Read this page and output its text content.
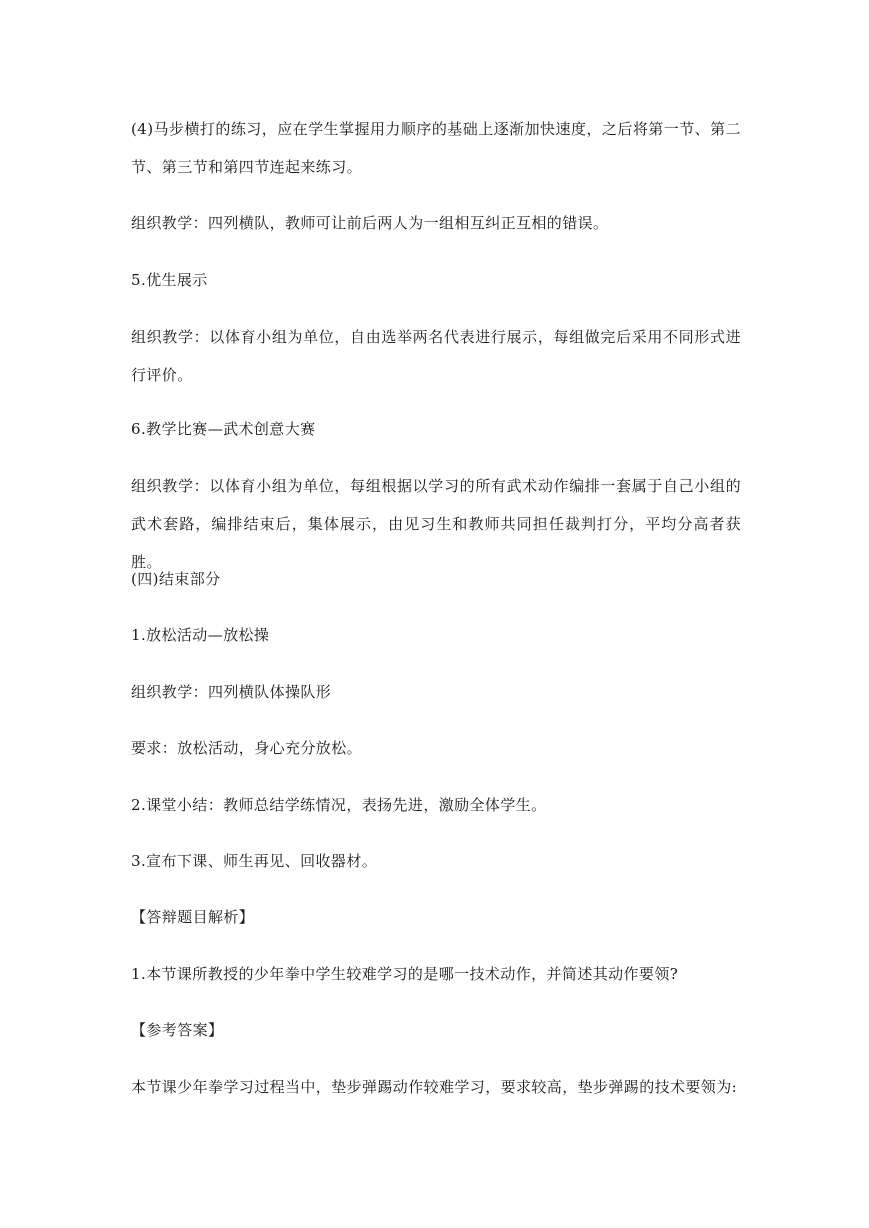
(4)马步横打的练习，应在学生掌握用力顺序的基础上逐渐加快速度，之后将第一节、第二节、第三节和第四节连起来练习。
组织教学：四列横队，教师可让前后两人为一组相互纠正互相的错误。
5.优生展示
组织教学：以体育小组为单位，自由选举两名代表进行展示，每组做完后采用不同形式进行评价。
6.教学比赛—武术创意大赛
组织教学：以体育小组为单位，每组根据以学习的所有武术动作编排一套属于自己小组的武术套路，编排结束后，集体展示，由见习生和教师共同担任裁判打分，平均分高者获胜。
(四)结束部分
1.放松活动—放松操
组织教学：四列横队体操队形
要求：放松活动，身心充分放松。
2.课堂小结：教师总结学练情况，表扬先进，激励全体学生。
3.宣布下课、师生再见、回收器材。
【答辩题目解析】
1.本节课所教授的少年拳中学生较难学习的是哪一技术动作，并简述其动作要领?
【参考答案】
本节课少年拳学习过程当中，垫步弹踢动作较难学习，要求较高，垫步弹踢的技术要领为:
